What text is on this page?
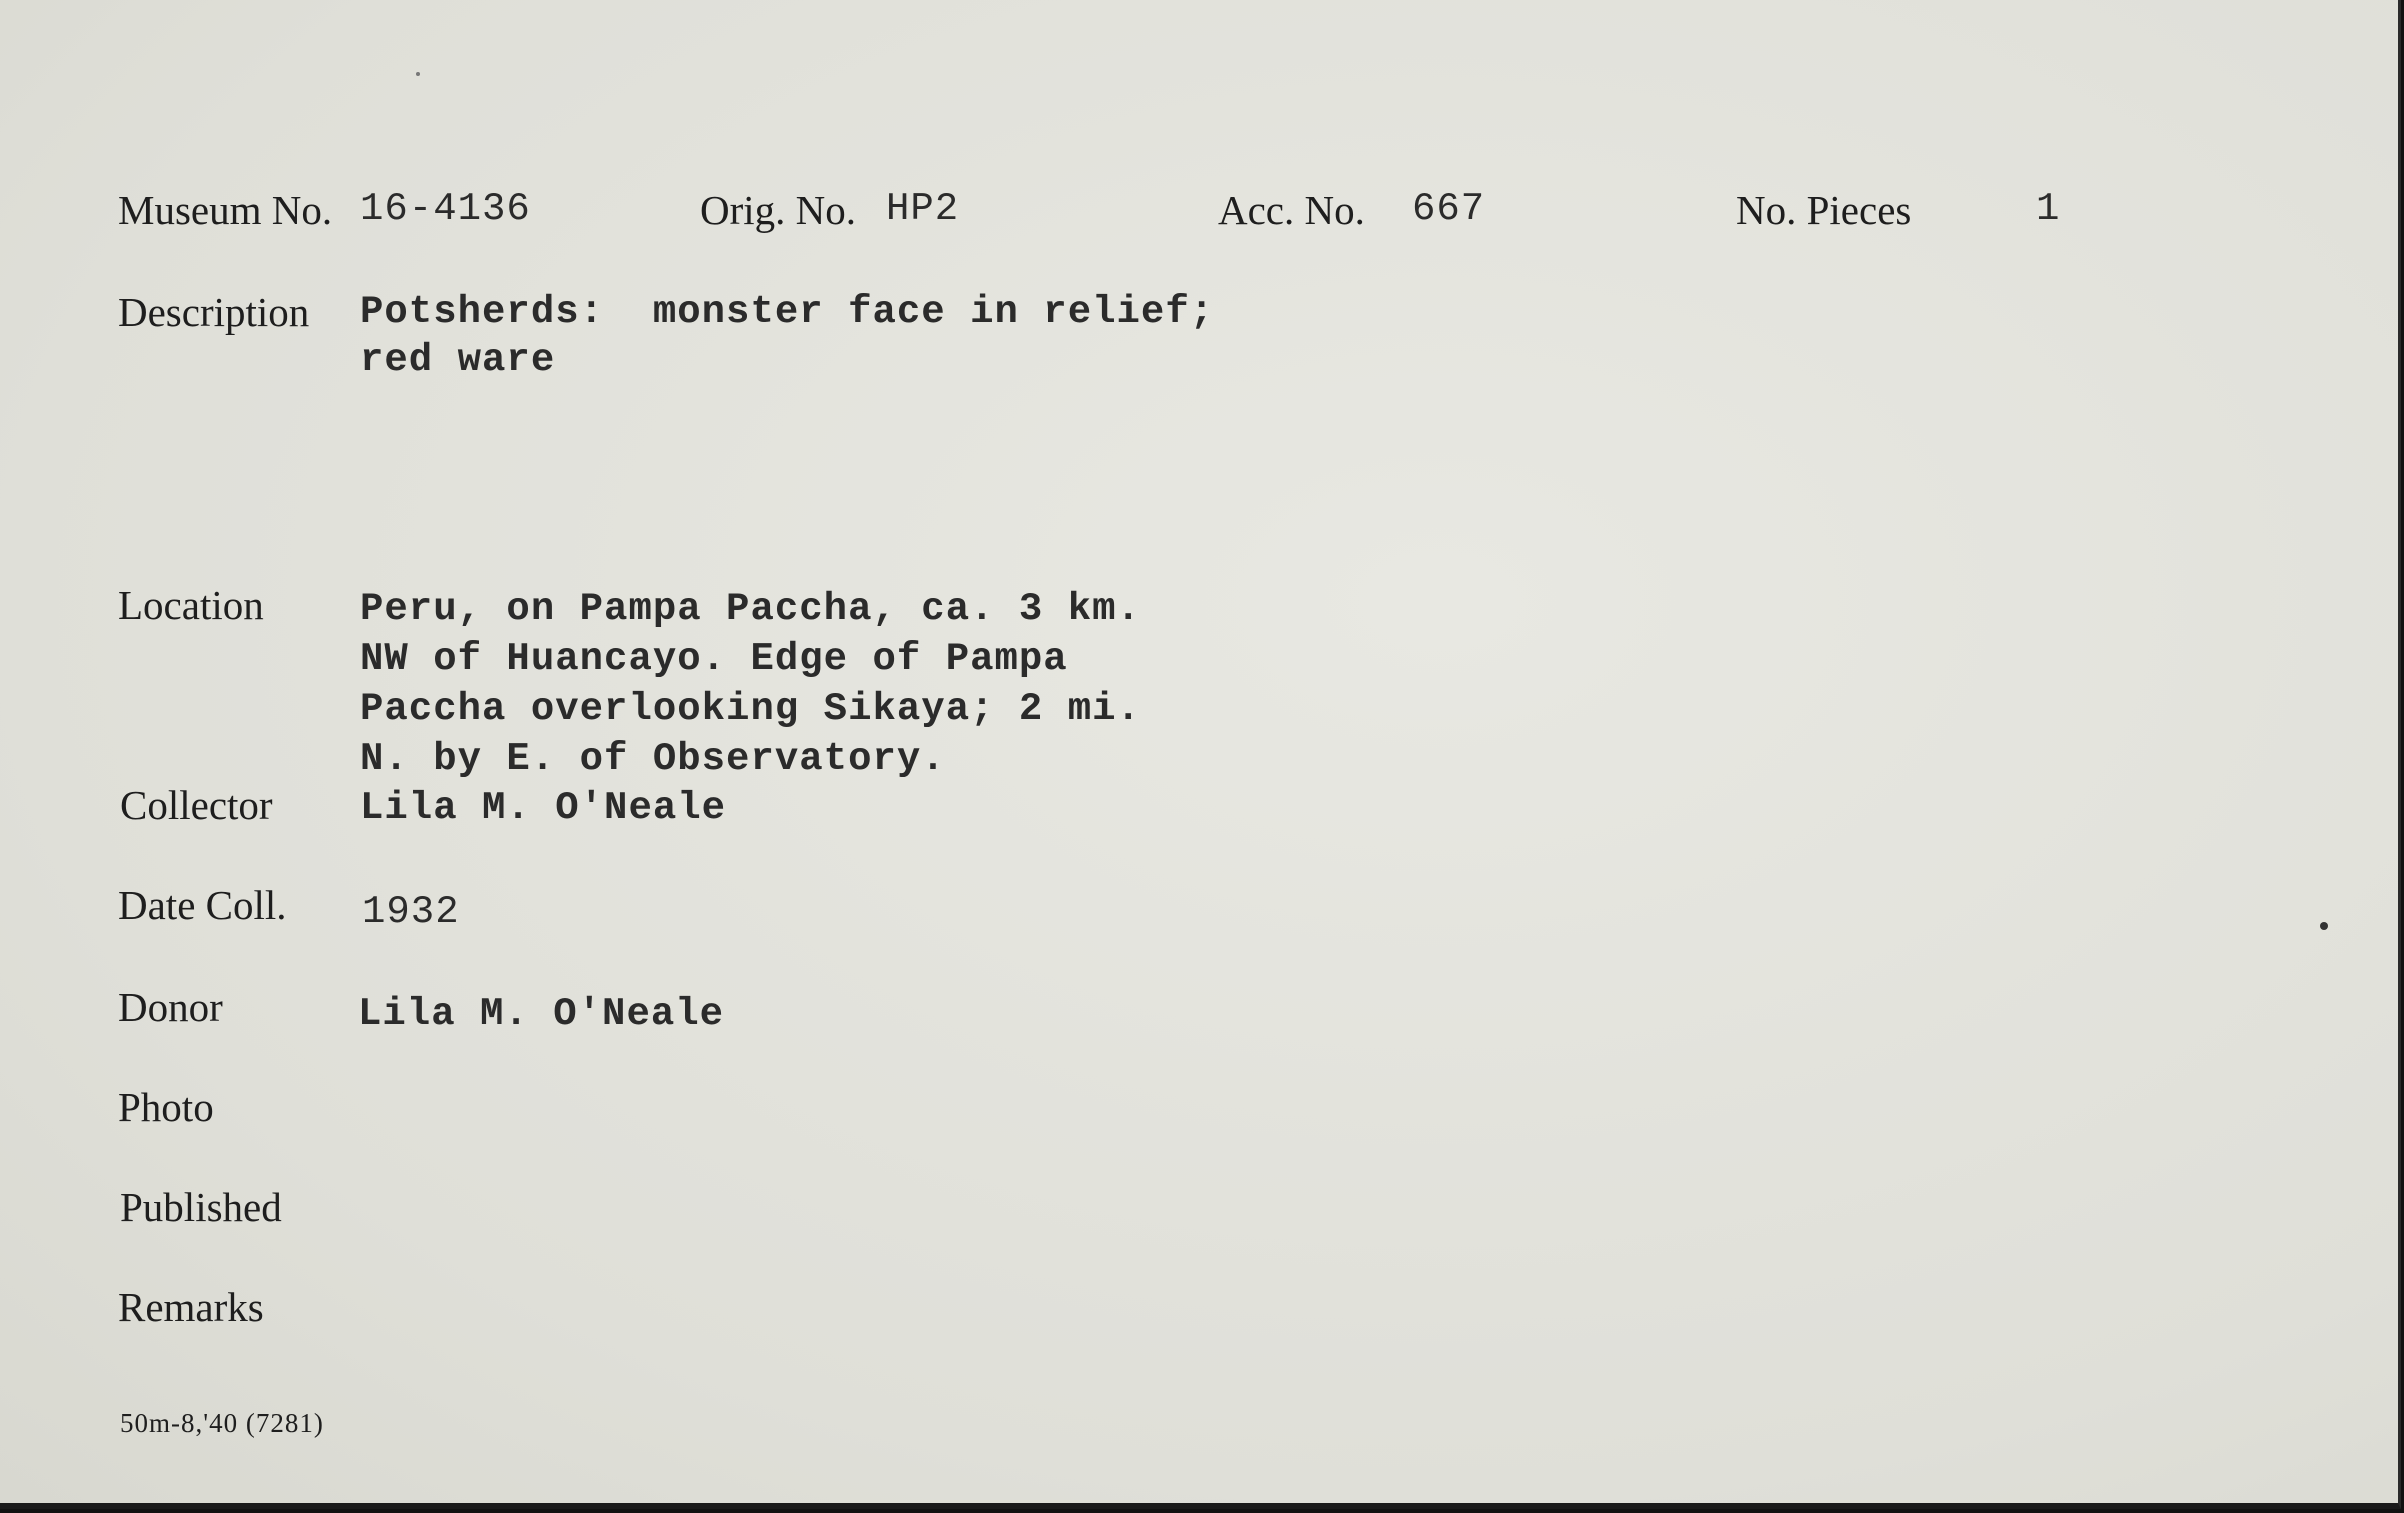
Museum No. 16-4136	Orig. No. HP2	Acc. No. 667	No. Pieces	1
Description Potsherds:  monster face in relief;
red ware
Location Peru, on Pampa Paccha, ca. 3 km.
NW of Huancayo. Edge of Pampa
Paccha overlooking Sikaya; 2 mi.
N. by E. of Observatory.
Collector Lila M. O'Neale
Date Coll. 1932
Donor	Lila M. O'Neale
Photo
Published
Remarks
50m-8,'40 (7281)
